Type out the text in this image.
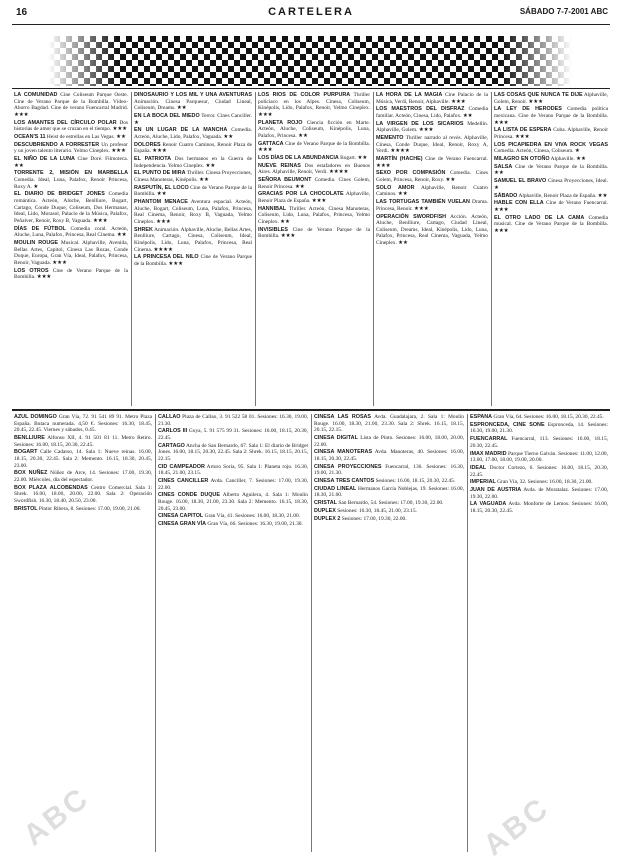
16	CARTELERA	SÁBADO 7-7-2001 ABC

LA COMUNIDAD Cine Coliseum Parque Oeste. Cine de Verano Parque de la Bombilla. Vídeo-Ahorro Bagdad. Cine de verano Fuencarral Madrid. ★★★

LOS AMANTES DEL CÍRCULO POLAR Dos historias de amor que se cruzan en el tiempo. ★★★

OCEAN'S 11 Heist de estrellas en Las Vegas. ★★

DESCUBRIENDO A FORRESTER Un profesor y un joven talento literario. Yelmo Cineplex. ★★★

EL NIÑO DE LA LUNA Cine Doré. Filmoteca. ★★

TORRENTE 2, MISIÓN EN MARBELLA Comedia. Ideal, Luna, Palafox, Renoir Princesa, Roxy A. ★

EL DIARIO DE BRIDGET JONES Comedia romántica. Acteón, Aluche, Benlliure, Bogart, Cartago, Conde Duque, Coliseum, Dos Hermanas, Ideal, Lido, Morasol, Palacio de la Música, Palafox, Peñalver, Renoir, Roxy B, Vaguada. ★★★

DÍAS DE FÚTBOL Comedia coral. Acteón, Aluche, Luna, Palafox, Princesa, Real Cinema. ★★

MOULIN ROUGE Musical. Alphaville, Avenida, Bellas Artes, Capitol, Cinesa Las Rozas, Conde Duque, Europa, Gran Vía, Ideal, Palafox, Princesa, Renoir, Vaguada. ★★★

LOS OTROS Cine de Verano Parque de la Bombilla. ★★★

DINOSAURIO Y LOS MIL Y UNA AVENTURAS Animación. Cinesa Parquesur, Ciudad Lineal, Coliseum, Dreams. ★★

EN LA BOCA DEL MIEDO Terror. Cines Canciller. ★

EN UN LUGAR DE LA MANCHA Comedia. Acteón, Aluche, Lido, Palafox, Vaguada. ★★

DOLORES Renoir Cuatro Caminos, Renoir Plaza de España. ★★★

EL PATRIOTA Dos hermanos en la Guerra de Independencia. Yelmo Cineplex. ★★

EL PUNTO DE MIRA Thriller. Cinesa Proyecciones, Cinesa Manoteras, Kinépolis. ★★

RASPUTÍN, EL LOCO Cine de Verano Parque de la Bombilla. ★★

PHANTOM MENACE Aventura espacial. Acteón, Aluche, Bogart, Coliseum, Luna, Palafox, Princesa, Real Cinema, Renoir, Roxy B, Vaguada, Yelmo Cineplex. ★★★

SHREK Animación. Alphaville, Aluche, Bellas Artes, Benlliure, Cartago, Cinesa, Coliseum, Ideal, Kinépolis, Lido, Luna, Palafox, Princesa, Real Cinema. ★★★★

LA PRINCESA DEL NILO Cine de Verano Parque de la Bombilla. ★★★

LOS RÍOS DE COLOR PÚRPURA Thriller policiaco en los Alpes. Cinesa, Coliseum, Kinépolis, Lido, Palafox, Renoir, Yelmo Cineplex. ★★★

PLANETA ROJO Ciencia ficción en Marte. Acteón, Aluche, Coliseum, Kinépolis, Luna, Palafox, Princesa. ★★

GATTACA Cine de Verano Parque de la Bombilla. ★★★

LOS DÍAS DE LA ABUNDANCIA Bogart. ★★

NUEVE REINAS Dos estafadores en Buenos Aires. Alphaville, Renoir, Verdi. ★★★★

SEÑORA BEUMONT Comedia. Cines Golem, Renoir Princesa. ★★

GRACIAS POR LA CHOCOLATE Alphaville, Renoir Plaza de España. ★★★

HANNIBAL Thriller. Acteón, Cinesa Manoteras, Coliseum, Lido, Luna, Palafox, Princesa, Yelmo Cineplex. ★★

INVISIBLES Cine de Verano Parque de la Bombilla. ★★★

LA HORA DE LA MAGIA Cine Palacio de la Música, Verdi, Renoir, Alphaville. ★★★

LOS MAESTROS DEL DISFRAZ Comedia familiar. Acteón, Cinesa, Lido, Palafox. ★★

LA VIRGEN DE LOS SICARIOS Medellín. Alphaville, Golem. ★★★

MEMENTO Thriller narrado al revés. Alphaville, Cinesa, Conde Duque, Ideal, Renoir, Roxy A, Verdi. ★★★★

MARTÍN (HACHE) Cine de Verano Fuencarral. ★★★

SEXO POR COMPASIÓN Comedia. Cines Golem, Princesa, Renoir, Roxy. ★★

SOLO AMOR Alphaville, Renoir Cuatro Caminos. ★★

LAS TORTUGAS TAMBIÉN VUELAN Drama. Princesa, Renoir. ★★★

OPERACIÓN SWORDFISH Acción. Acteón, Aluche, Benlliure, Cartago, Ciudad Lineal, Coliseum, Dreams, Ideal, Kinépolis, Lido, Luna, Palafox, Princesa, Real Cinema, Vaguada, Yelmo Cineplex. ★★

LAS COSAS QUE NUNCA TE DIJE Alphaville, Golem, Renoir. ★★★

LA LEY DE HERODES Comedia política mexicana. Cine de Verano Parque de la Bombilla. ★★★

LA LISTA DE ESPERA Cuba. Alphaville, Renoir Princesa. ★★★

LOS PICAPIEDRA EN VIVA ROCK VEGAS Comedia. Acteón, Cinesa, Coliseum. ★

MILAGRO EN OTOÑO Alphaville. ★★

SALSA Cine de Verano Parque de la Bombilla. ★★

SAMUEL EL BRAVO Cinesa Proyecciones, Ideal. ★

SÁBADO Alphaville, Renoir Plaza de España. ★★

HABLE CON ELLA Cine de Verano Fuencarral. ★★★

EL OTRO LADO DE LA CAMA Comedia musical. Cine de Verano Parque de la Bombilla. ★★★

AZUL DOMINGO Gran Vía, 72. 91 541 89 91. Metro Plaza España. Butaca numerada. 4,50 €. Sesiones: 16.30, 18.45, 20.45, 22.45. Viernes y sábados, 0.45.

BENLLIURE Alfonso XII, 4. 91 501 81 11. Metro Retiro. Sesiones: 16.00, 18.15, 20.30, 22.45.

BOGART Calle Cadarso, 14. Sala 1: Nueve reinas. 16.00, 18.15, 20.30, 22.45. Sala 2: Memento. 16.15, 18.30, 20.45, 23.00.

BOX NUÑEZ Núñez de Arce, 14. Sesiones: 17.00, 19.30, 22.00. Miércoles, día del espectador.

BOX PLAZA ALCOBENDAS Centro Comercial. Sala 1: Shrek. 16.00, 18.00, 20.00, 22.00. Sala 2: Operación Swordfish. 16.30, 18.40, 20.50, 23.00.

BRISTOL Pintor Ribera, 8. Sesiones: 17.00, 19.00, 21.00.

CALLAO Plaza de Callao, 3. 91 522 58 01. Sesiones: 16.30, 19.00, 21.30.

CARLOS III Goya, 5. 91 575 99 31. Sesiones: 16.00, 18.15, 20.30, 22.45.

CARTAGO Ancha de San Bernardo, 67. Sala 1: El diario de Bridget Jones. 16.00, 18.15, 20.30, 22.45. Sala 2: Shrek. 16.15, 18.15, 20.15, 22.15.

CID CAMPEADOR Arturo Soria, 95. Sala 1: Planeta rojo. 16.30, 18.45, 21.00, 23.15.

CINES CANCILLER Avda. Canciller, 7. Sesiones: 17.00, 19.30, 22.00.

CINES CONDE DUQUE Alberto Aguilera, 4. Sala 1: Moulin Rouge. 16.00, 18.30, 21.00, 23.30. Sala 2: Memento. 16.15, 18.30, 20.45, 23.00.

CINESA CAPITOL Gran Vía, 41. Sesiones: 16.00, 18.30, 21.00.

CINESA GRAN VÍA Gran Vía, 66. Sesiones: 16.30, 19.00, 21.30.

CINESA LAS ROSAS Avda. Guadalajara, 2. Sala 1: Moulin Rouge. 16.00, 18.30, 21.00, 23.30. Sala 2: Shrek. 16.15, 18.15, 20.15, 22.15.

CINESA DIGITAL Lista de Pinto. Sesiones: 16.00, 18.00, 20.00, 22.00.

CINESA MANOTERAS Avda. Manoteras, 40. Sesiones: 16.00, 18.15, 20.30, 22.45.

CINESA PROYECCIONES Fuencarral, 136. Sesiones: 16.30, 19.00, 21.30.

CINESA TRES CANTOS Sesiones: 16.00, 18.15, 20.30, 22.45.

CIUDAD LINEAL Hermanos García Noblejas, 19. Sesiones: 16.00, 18.30, 21.00.

CRISTAL San Bernardo, 54. Sesiones: 17.00, 19.30, 22.00.

DUPLEX Sesiones: 16.30, 18.45, 21.00, 23.15.

DUPLEX 2 Sesiones: 17.00, 19.30, 22.00.

ESPAÑA Gran Vía, 64. Sesiones: 16.00, 18.15, 20.30, 22.45.

ESPRONCEDA, CINE SONE Espronceda, 14. Sesiones: 16.30, 19.00, 21.30.

FUENCARRAL Fuencarral, 113. Sesiones: 16.00, 18.15, 20.30, 22.45.

IMAX MADRID Parque Tierno Galván. Sesiones: 11.00, 12.00, 13.00, 17.00, 18.00, 19.00, 20.00.

IDEAL Doctor Cortezo, 6. Sesiones: 16.00, 18.15, 20.30, 22.45.

IMPERIAL Gran Vía, 32. Sesiones: 16.00, 18.30, 21.00.

JUAN DE AUSTRIA Avda. de Moratalaz. Sesiones: 17.00, 19.30, 22.00.

LA VAGUADA Avda. Monforte de Lemos. Sesiones: 16.00, 18.15, 20.30, 22.45.

ABC	ABC
